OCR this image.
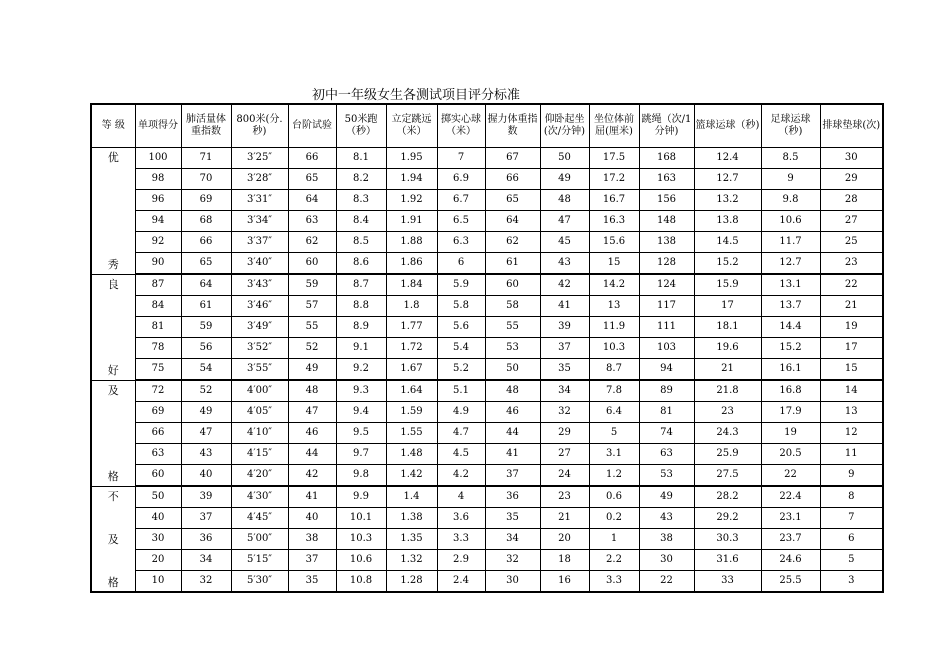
初中一年级女生各测试项目评分标准
等 级	单项得分	肺活量体重指数	800米(分.秒)	台阶试验	50米跑（秒）	立定跳远（米）	掷实心球（米）	握力体重指数	仰卧起坐(次/分钟)	坐位体前屈(厘米)	跳绳（次/1分钟)	篮球运球（秒)	足球运球（秒)	排球垫球(次)

优
秀	100	71	3′25″	66	8.1	1.95	7	67	50	17.5	168	12.4	8.5	30
	98	70	3′28″	65	8.2	1.94	6.9	66	49	17.2	163	12.7	9	29
	96	69	3′31″	64	8.3	1.92	6.7	65	48	16.7	156	13.2	9.8	28
	94	68	3′34″	63	8.4	1.91	6.5	64	47	16.3	148	13.8	10.6	27
	92	66	3′37″	62	8.5	1.88	6.3	62	45	15.6	138	14.5	11.7	25
	90	65	3′40″	60	8.6	1.86	6	61	43	15	128	15.2	12.7	23

良
好	87	64	3′43″	59	8.7	1.84	5.9	60	42	14.2	124	15.9	13.1	22
	84	61	3′46″	57	8.8	1.8	5.8	58	41	13	117	17	13.7	21
	81	59	3′49″	55	8.9	1.77	5.6	55	39	11.9	111	18.1	14.4	19
	78	56	3′52″	52	9.1	1.72	5.4	53	37	10.3	103	19.6	15.2	17
	75	54	3′55″	49	9.2	1.67	5.2	50	35	8.7	94	21	16.1	15

及
格	72	52	4′00″	48	9.3	1.64	5.1	48	34	7.8	89	21.8	16.8	14
	69	49	4′05″	47	9.4	1.59	4.9	46	32	6.4	81	23	17.9	13
	66	47	4′10″	46	9.5	1.55	4.7	44	29	5	74	24.3	19	12
	63	43	4′15″	44	9.7	1.48	4.5	41	27	3.1	63	25.9	20.5	11
	60	40	4′20″	42	9.8	1.42	4.2	37	24	1.2	53	27.5	22	9

不
及
格	50	39	4′30″	41	9.9	1.4	4	36	23	0.6	49	28.2	22.4	8
	40	37	4′45″	40	10.1	1.38	3.6	35	21	0.2	43	29.2	23.1	7
	30	36	5′00″	38	10.3	1.35	3.3	34	20	1	38	30.3	23.7	6
	20	34	5′15″	37	10.6	1.32	2.9	32	18	2.2	30	31.6	24.6	5
	10	32	5′30″	35	10.8	1.28	2.4	30	16	3.3	22	33	25.5	3
